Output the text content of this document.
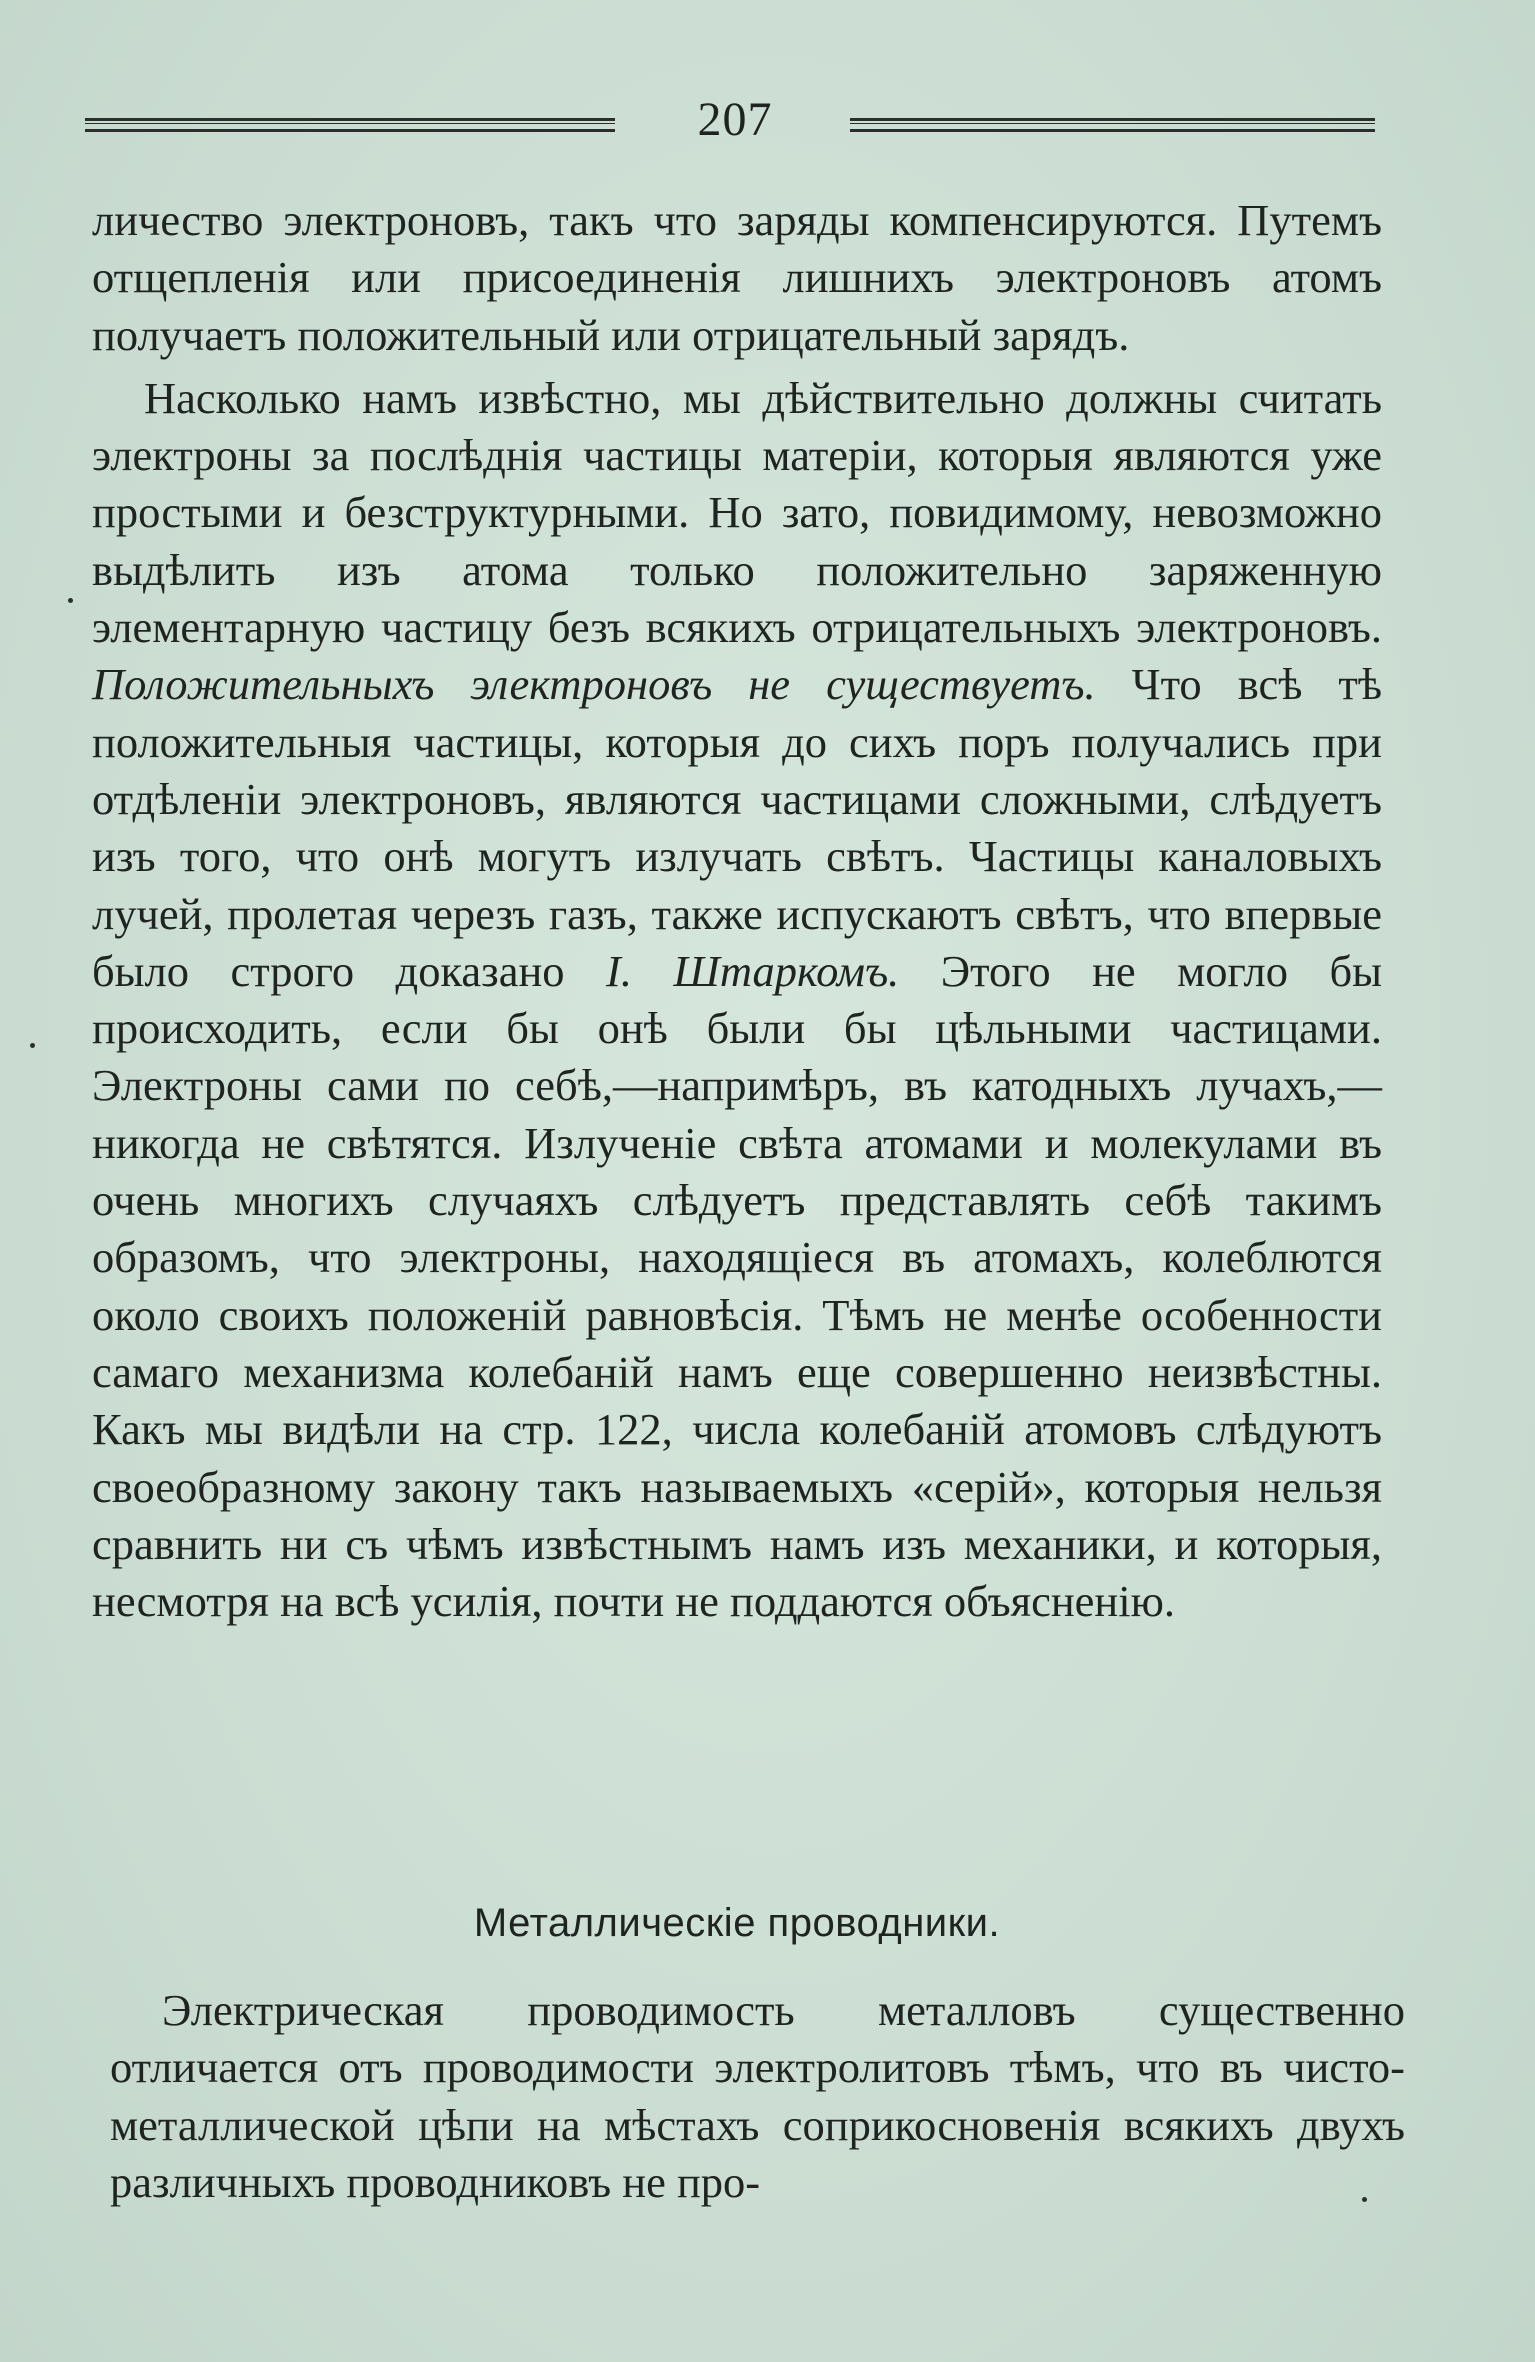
207

личество электроновъ, такъ что заряды компенсируются. Путемъ отщепленія или присоединенія лишнихъ электроновъ атомъ получаетъ положительный или отрицательный зарядъ.

Насколько намъ извѣстно, мы дѣйствительно должны считать электроны за послѣднія частицы матеріи, которыя являются уже простыми и безструктурными. Но зато, повидимому, невозможно выдѣлить изъ атома только положительно заряженную элементарную частицу безъ всякихъ отрицательныхъ электроновъ. Положительныхъ электроновъ не существуетъ. Что всѣ тѣ положительныя частицы, которыя до сихъ поръ получались при отдѣленіи электроновъ, являются частицами сложными, слѣдуетъ изъ того, что онѣ могутъ излучать свѣтъ. Частицы каналовыхъ лучей, пролетая черезъ газъ, также испускаютъ свѣтъ, что впервые было строго доказано І. Штаркомъ. Этого не могло бы происходить, если бы онѣ были бы цѣльными частицами. Электроны сами по себѣ,—напримѣръ, въ катодныхъ лучахъ,—никогда не свѣтятся. Излученіе свѣта атомами и молекулами въ очень многихъ случаяхъ слѣдуетъ представлять себѣ такимъ образомъ, что электроны, находящіеся въ атомахъ, колеблются около своихъ положеній равновѣсія. Тѣмъ не менѣе особенности самаго механизма колебаній намъ еще совершенно неизвѣстны. Какъ мы видѣли на стр. 122, числа колебаній атомовъ слѣдуютъ своеобразному закону такъ называемыхъ «серій», которыя нельзя сравнить ни съ чѣмъ извѣстнымъ намъ изъ механики, и которыя, несмотря на всѣ усилія, почти не поддаются объясненію.

Металлическіе проводники.

Электрическая проводимость металловъ существенно отличается отъ проводимости электролитовъ тѣмъ, что въ чисто-металлической цѣпи на мѣстахъ соприкосновенія всякихъ двухъ различныхъ проводниковъ не про-
